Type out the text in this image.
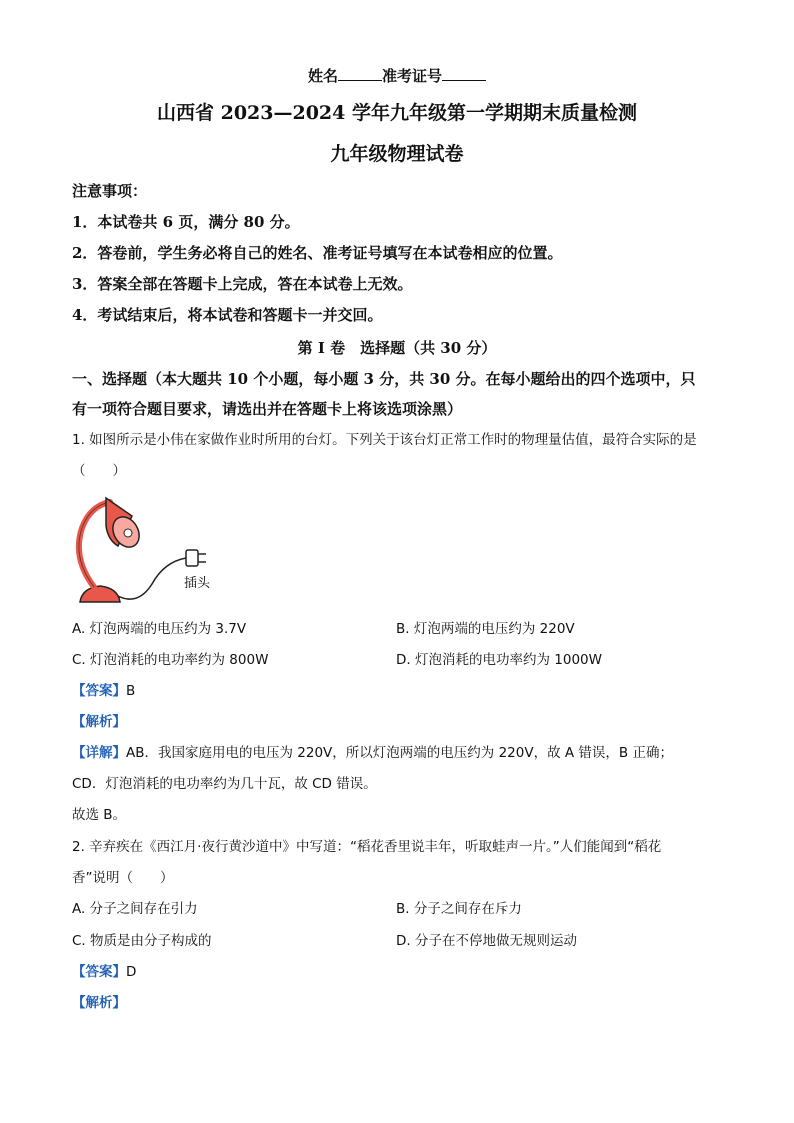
姓名	准考证号
山西省 2023—2024 学年九年级第一学期期末质量检测
九年级物理试卷
注意事项：
1．本试卷共 6 页，满分 80 分。
2．答卷前，学生务必将自己的姓名、准考证号填写在本试卷相应的位置。
3．答案全部在答题卡上完成，答在本试卷上无效。
4．考试结束后，将本试卷和答题卡一并交回。
第 I 卷　选择题（共 30 分）
一、选择题（本大题共 10 个小题，每小题 3 分，共 30 分。在每小题给出的四个选项中，只
有一项符合题目要求，请选出并在答题卡上将该选项涂黑）
1. 如图所示是小伟在家做作业时所用的台灯。下列关于该台灯正常工作时的物理量估值，最符合实际的是
（　　）
插头
A. 灯泡两端的电压约为 3.7V	B. 灯泡两端的电压约为 220V
C. 灯泡消耗的电功率约为 800W	D. 灯泡消耗的电功率约为 1000W
【答案】B
【解析】
【详解】AB．我国家庭用电的电压为 220V，所以灯泡两端的电压约为 220V，故 A 错误，B 正确；
CD．灯泡消耗的电功率约为几十瓦，故 CD 错误。
故选 B。
2. 辛弃疾在《西江月·夜行黄沙道中》中写道：“稻花香里说丰年，听取蛙声一片。”人们能闻到“稻花
香”说明（　　）
A. 分子之间存在引力	B. 分子之间存在斥力
C. 物质是由分子构成的	D. 分子在不停地做无规则运动
【答案】D
【解析】
